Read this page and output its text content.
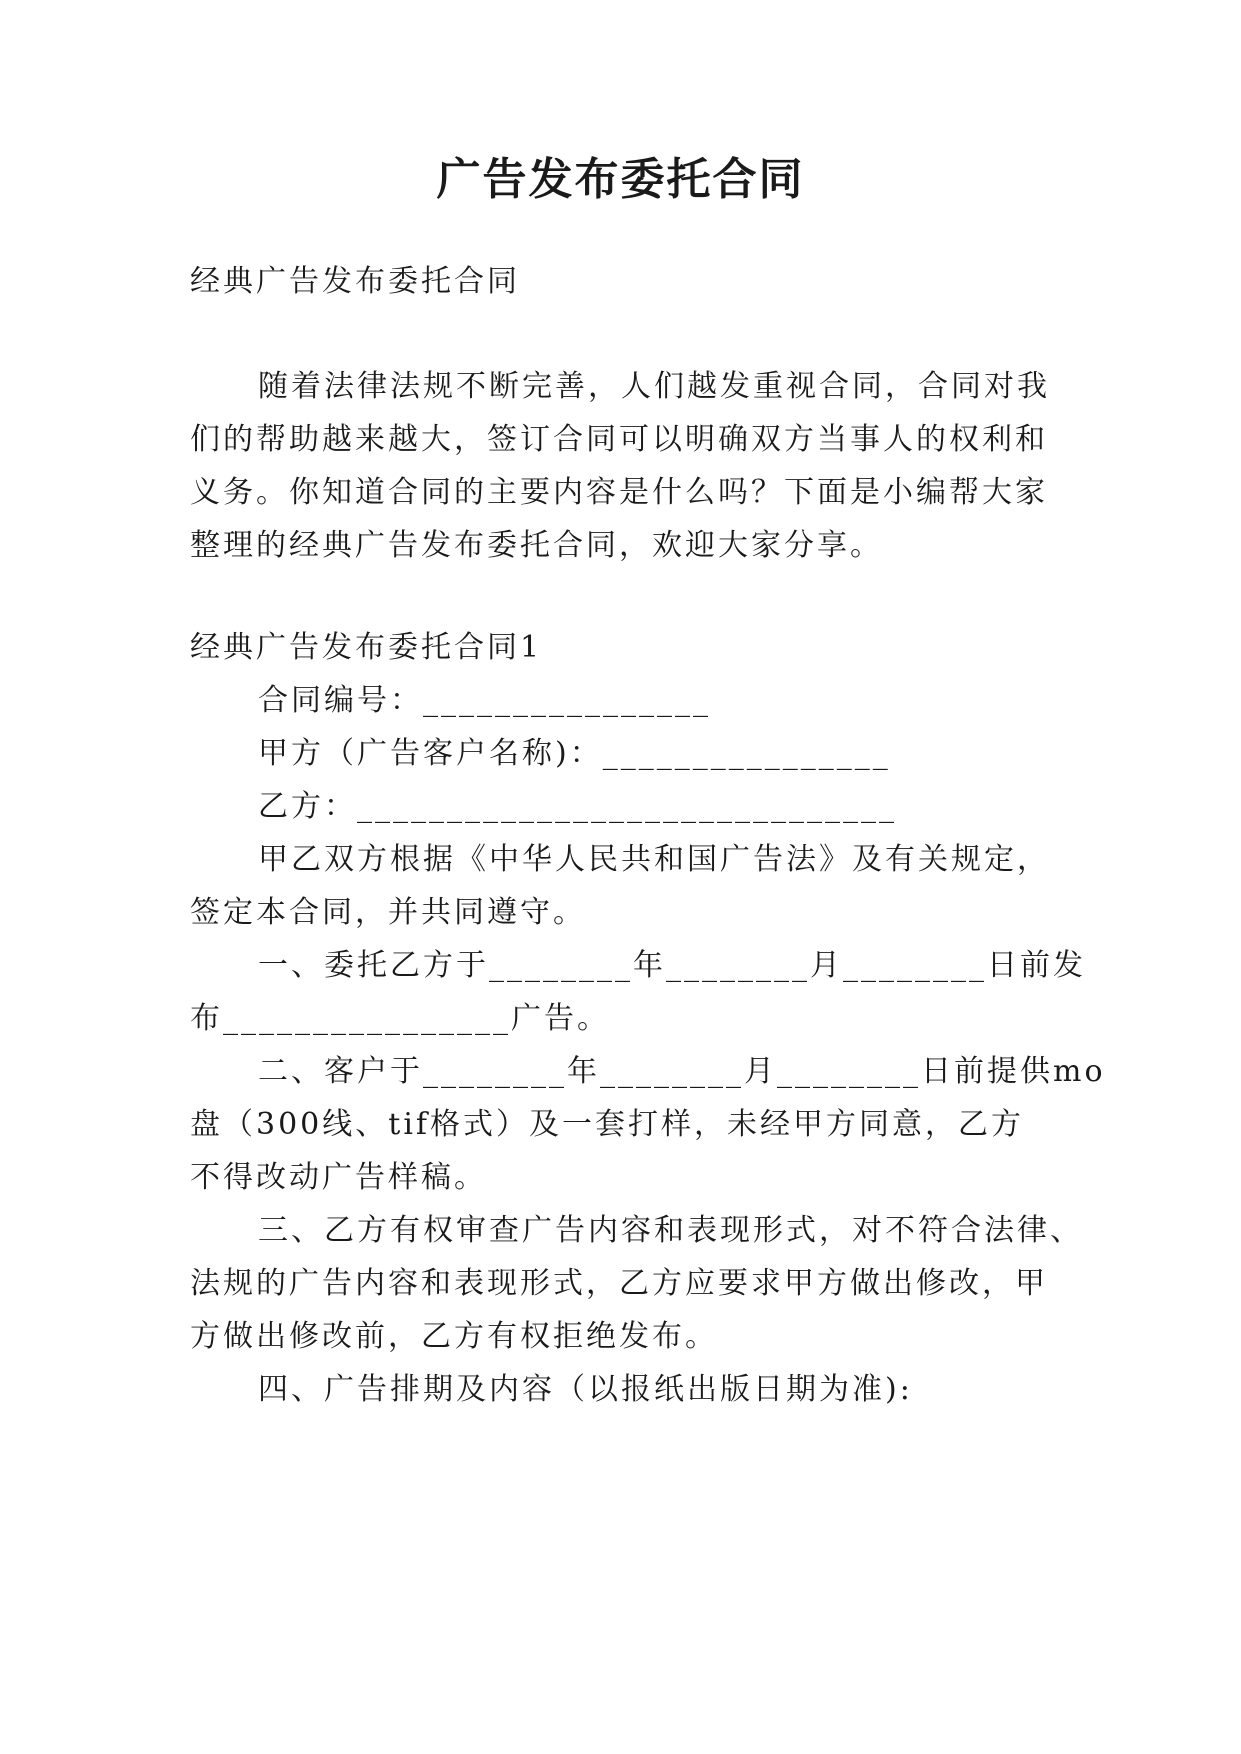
广告发布委托合同
经典广告发布委托合同
随着法律法规不断完善，人们越发重视合同，合同对我
们的帮助越来越大，签订合同可以明确双方当事人的权利和
义务。你知道合同的主要内容是什么吗？下面是小编帮大家
整理的经典广告发布委托合同，欢迎大家分享。
经典广告发布委托合同1
合同编号：________________
甲方（广告客户名称)：________________
乙方：______________________________
甲乙双方根据《中华人民共和国广告法》及有关规定，
签定本合同，并共同遵守。
一、委托乙方于________年________月________日前发
布________________广告。
二、客户于________年________月________日前提供mo
盘（300线、tif格式）及一套打样，未经甲方同意，乙方
不得改动广告样稿。
三、乙方有权审查广告内容和表现形式，对不符合法律、
法规的广告内容和表现形式，乙方应要求甲方做出修改，甲
方做出修改前，乙方有权拒绝发布。
四、广告排期及内容（以报纸出版日期为准):
